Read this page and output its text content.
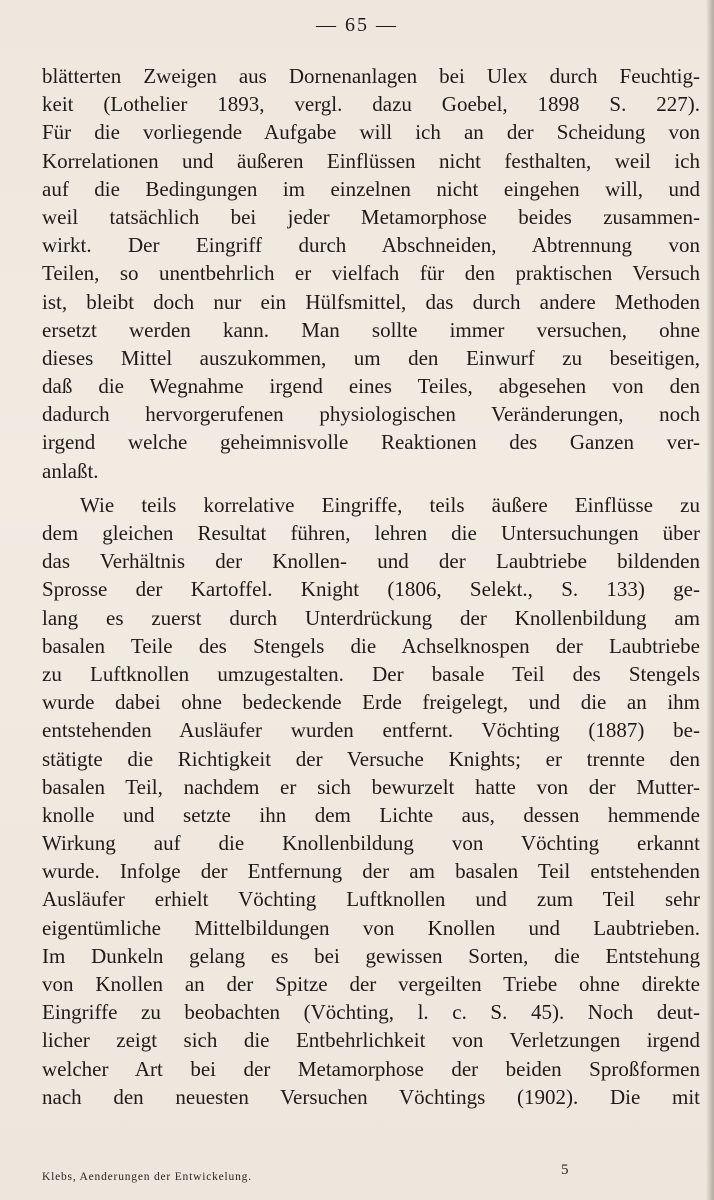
— 65 —
blätterten Zweigen aus Dornenanlagen bei Ulex durch Feuchtig-
keit (Lothelier 1893, vergl. dazu Goebel, 1898 S. 227).
Für die vorliegende Aufgabe will ich an der Scheidung von
Korrelationen und äußeren Einflüssen nicht festhalten, weil ich
auf die Bedingungen im einzelnen nicht eingehen will, und
weil tatsächlich bei jeder Metamorphose beides zusammen-
wirkt. Der Eingriff durch Abschneiden, Abtrennung von
Teilen, so unentbehrlich er vielfach für den praktischen Versuch
ist, bleibt doch nur ein Hülfsmittel, das durch andere Methoden
ersetzt werden kann. Man sollte immer versuchen, ohne
dieses Mittel auszukommen, um den Einwurf zu beseitigen,
daß die Wegnahme irgend eines Teiles, abgesehen von den
dadurch hervorgerufenen physiologischen Veränderungen, noch
irgend welche geheimnisvolle Reaktionen des Ganzen ver-
anlaßt.
Wie teils korrelative Eingriffe, teils äußere Einflüsse zu
dem gleichen Resultat führen, lehren die Untersuchungen über
das Verhältnis der Knollen- und der Laubtriebe bildenden
Sprosse der Kartoffel. Knight (1806, Selekt., S. 133) ge-
lang es zuerst durch Unterdrückung der Knollenbildung am
basalen Teile des Stengels die Achselknospen der Laubtriebe
zu Luftknollen umzugestalten. Der basale Teil des Stengels
wurde dabei ohne bedeckende Erde freigelegt, und die an ihm
entstehenden Ausläufer wurden entfernt. Vöchting (1887) be-
stätigte die Richtigkeit der Versuche Knights; er trennte den
basalen Teil, nachdem er sich bewurzelt hatte von der Mutter-
knolle und setzte ihn dem Lichte aus, dessen hemmende
Wirkung auf die Knollenbildung von Vöchting erkannt
wurde. Infolge der Entfernung der am basalen Teil entstehenden
Ausläufer erhielt Vöchting Luftknollen und zum Teil sehr
eigentümliche Mittelbildungen von Knollen und Laubtrieben.
Im Dunkeln gelang es bei gewissen Sorten, die Entstehung
von Knollen an der Spitze der vergeilten Triebe ohne direkte
Eingriffe zu beobachten (Vöchting, l. c. S. 45). Noch deut-
licher zeigt sich die Entbehrlichkeit von Verletzungen irgend
welcher Art bei der Metamorphose der beiden Sproßformen
nach den neuesten Versuchen Vöchtings (1902). Die mit
Klebs, Aenderungen der Entwickelung.	5
